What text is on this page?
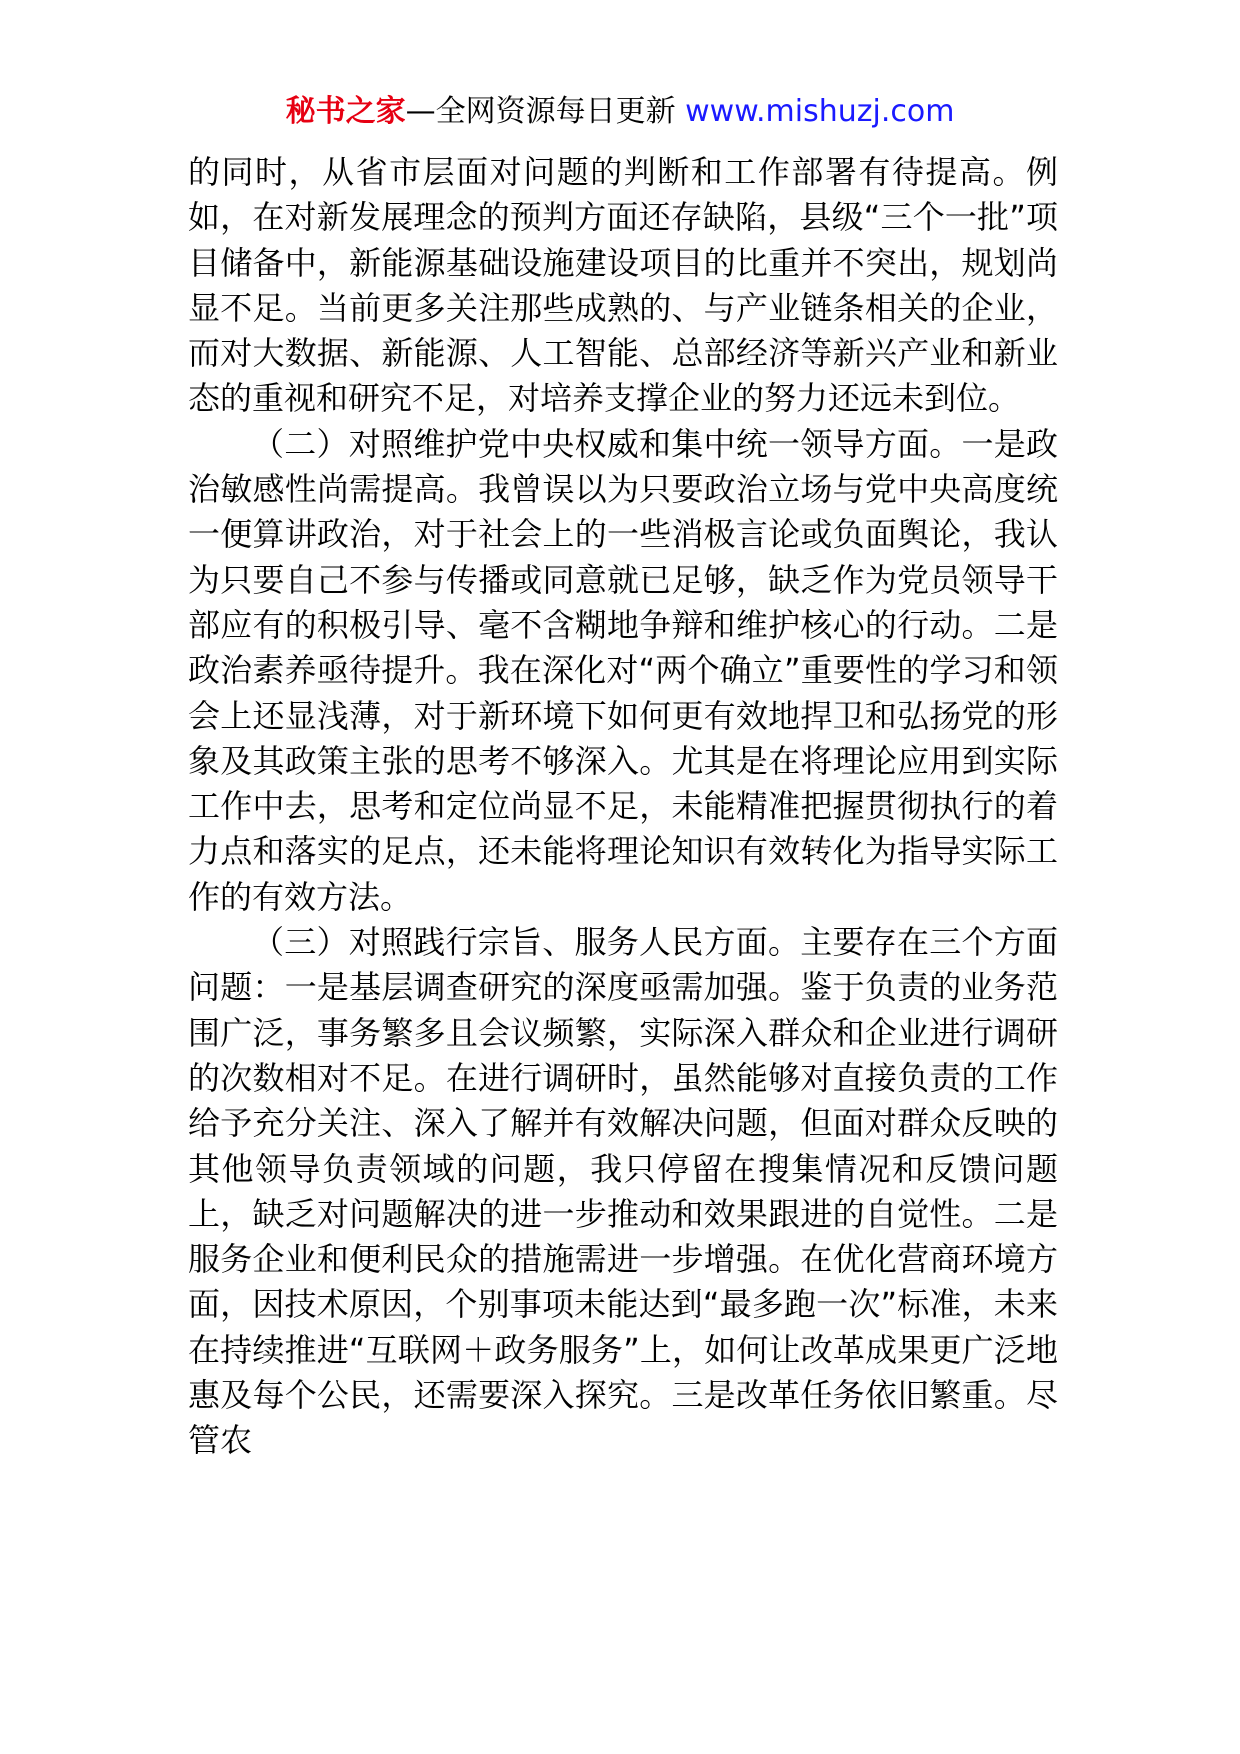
秘书之家—全网资源每日更新 www.mishuzj.com

的同时，从省市层面对问题的判断和工作部署有待提高。例如，在对新发展理念的预判方面还存缺陷，县级“三个一批”项目储备中，新能源基础设施建设项目的比重并不突出，规划尚显不足。当前更多关注那些成熟的、与产业链条相关的企业，而对大数据、新能源、人工智能、总部经济等新兴产业和新业态的重视和研究不足，对培养支撑企业的努力还远未到位。

（二）对照维护党中央权威和集中统一领导方面。一是政治敏感性尚需提高。我曾误以为只要政治立场与党中央高度统一便算讲政治，对于社会上的一些消极言论或负面舆论，我认为只要自己不参与传播或同意就已足够，缺乏作为党员领导干部应有的积极引导、毫不含糊地争辩和维护核心的行动。二是政治素养亟待提升。我在深化对“两个确立”重要性的学习和领会上还显浅薄，对于新环境下如何更有效地捍卫和弘扬党的形象及其政策主张的思考不够深入。尤其是在将理论应用到实际工作中去，思考和定位尚显不足，未能精准把握贯彻执行的着力点和落实的足点，还未能将理论知识有效转化为指导实际工作的有效方法。

（三）对照践行宗旨、服务人民方面。主要存在三个方面问题：一是基层调查研究的深度亟需加强。鉴于负责的业务范围广泛，事务繁多且会议频繁，实际深入群众和企业进行调研的次数相对不足。在进行调研时，虽然能够对直接负责的工作给予充分关注、深入了解并有效解决问题，但面对群众反映的其他领导负责领域的问题，我只停留在搜集情况和反馈问题上，缺乏对问题解决的进一步推动和效果跟进的自觉性。二是服务企业和便利民众的措施需进一步增强。在优化营商环境方面，因技术原因，个别事项未能达到“最多跑一次”标准，未来在持续推进“互联网＋政务服务”上，如何让改革成果更广泛地惠及每个公民，还需要深入探究。三是改革任务依旧繁重。尽管农
